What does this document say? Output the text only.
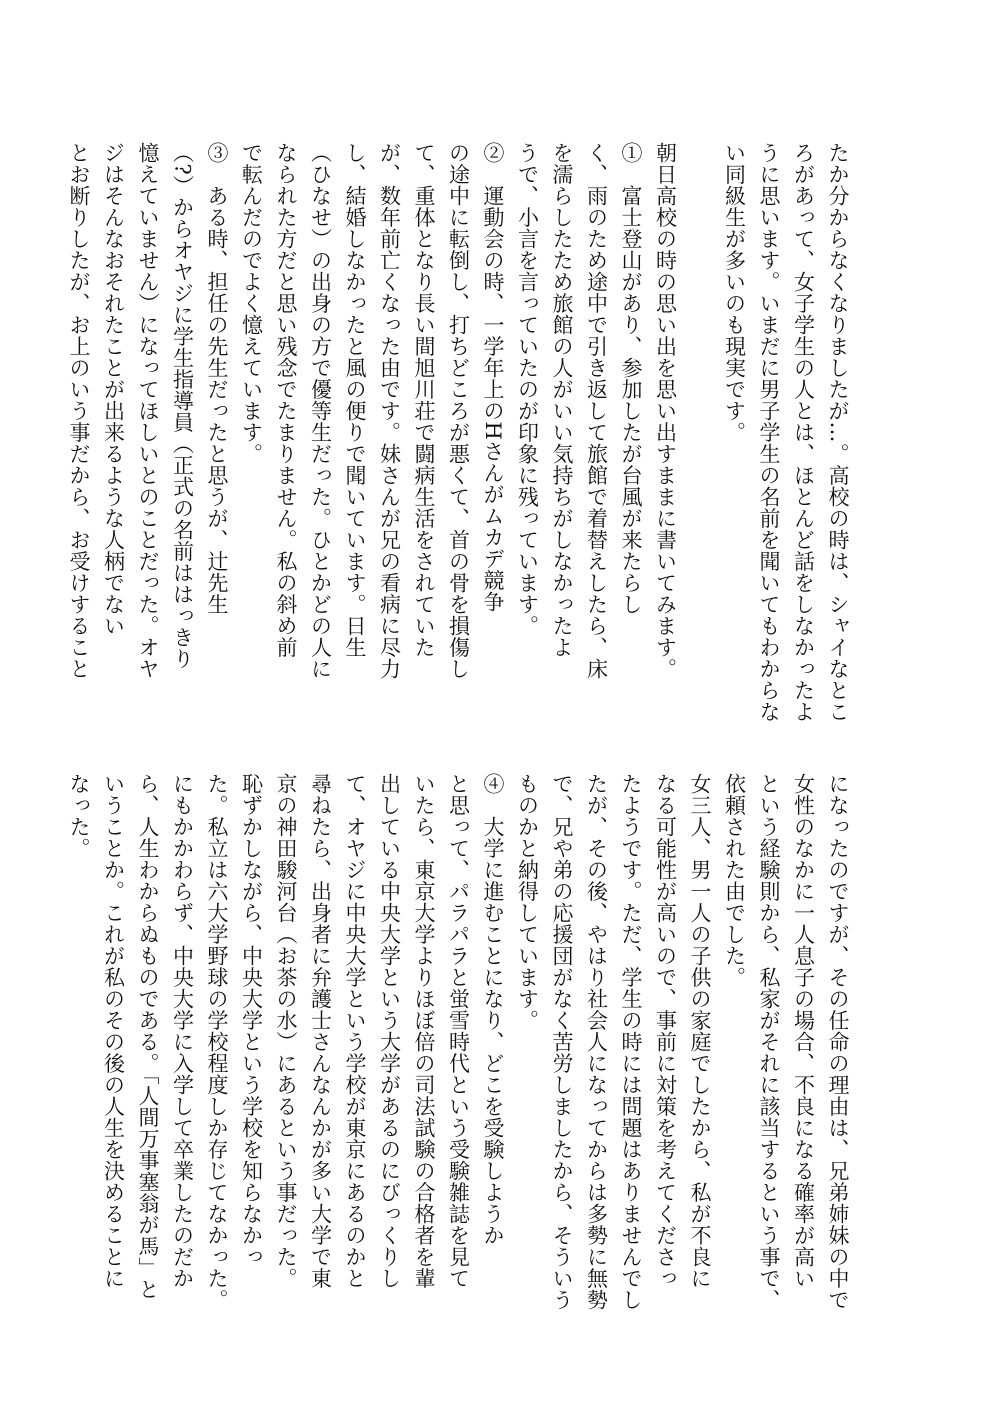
たか分からなくなりましたが…。高校の時は、シャイなとこ
ろがあって、女子学生の人とは、ほとんど話をしなかったよ
うに思います。いまだに男子学生の名前を聞いてもわからな
い同級生が多いのも現実です。
朝日高校の時の思い出を思い出すままに書いてみます。
①　富士登山があり、参加したが台風が来たらし
く、雨のため途中で引き返して旅館で着替えしたら、床
を濡らしたため旅館の人がいい気持ちがしなかったよ
うで、小言を言っていたのが印象に残っています。
②　運動会の時、一学年上のHさんがムカデ競争
の途中に転倒し、打ちどころが悪くて、首の骨を損傷し
て、重体となり長い間旭川荘で闘病生活をされていた
が、数年前亡くなった由です。妹さんが兄の看病に尽力
し、結婚しなかったと風の便りで聞いています。日生
（ひなせ）の出身の方で優等生だった。ひとかどの人に
なられた方だと思い残念でたまりません。私の斜め前
で転んだのでよく憶えています。
③　ある時、担任の先生だったと思うが、辻先生
（?）からオヤジに学生指導員（正式の名前ははっきり
憶えていません）になってほしいとのことだった。オヤ
ジはそんなおそれたことが出来るような人柄でない
とお断りしたが、お上のいう事だから、お受けすること
になったのですが、その任命の理由は、兄弟姉妹の中で
女性のなかに一人息子の場合、不良になる確率が高い
という経験則から、私家がそれに該当するという事で、
依頼された由でした。
女三人、男一人の子供の家庭でしたから、私が不良に
なる可能性が高いので、事前に対策を考えてくださっ
たようです。ただ、学生の時には問題はありませんでし
たが、その後、やはり社会人になってからは多勢に無勢
で、兄や弟の応援団がなく苦労しましたから、そういう
ものかと納得しています。
④　大学に進むことになり、どこを受験しようか
と思って、パラパラと蛍雪時代という受験雑誌を見て
いたら、東京大学よりほぼ倍の司法試験の合格者を輩
出している中央大学という大学があるのにびっくりし
て、オヤジに中央大学という学校が東京にあるのかと
尋ねたら、出身者に弁護士さんなんかが多い大学で東
京の神田駿河台（お茶の水）にあるという事だった。
恥ずかしながら、中央大学という学校を知らなかっ
た。私立は六大学野球の学校程度しか存じてなかった。
にもかかわらず、中央大学に入学して卒業したのだか
ら、人生わからぬものである。「人間万事塞翁が馬」と
いうことか。これが私のその後の人生を決めることに
なった。
